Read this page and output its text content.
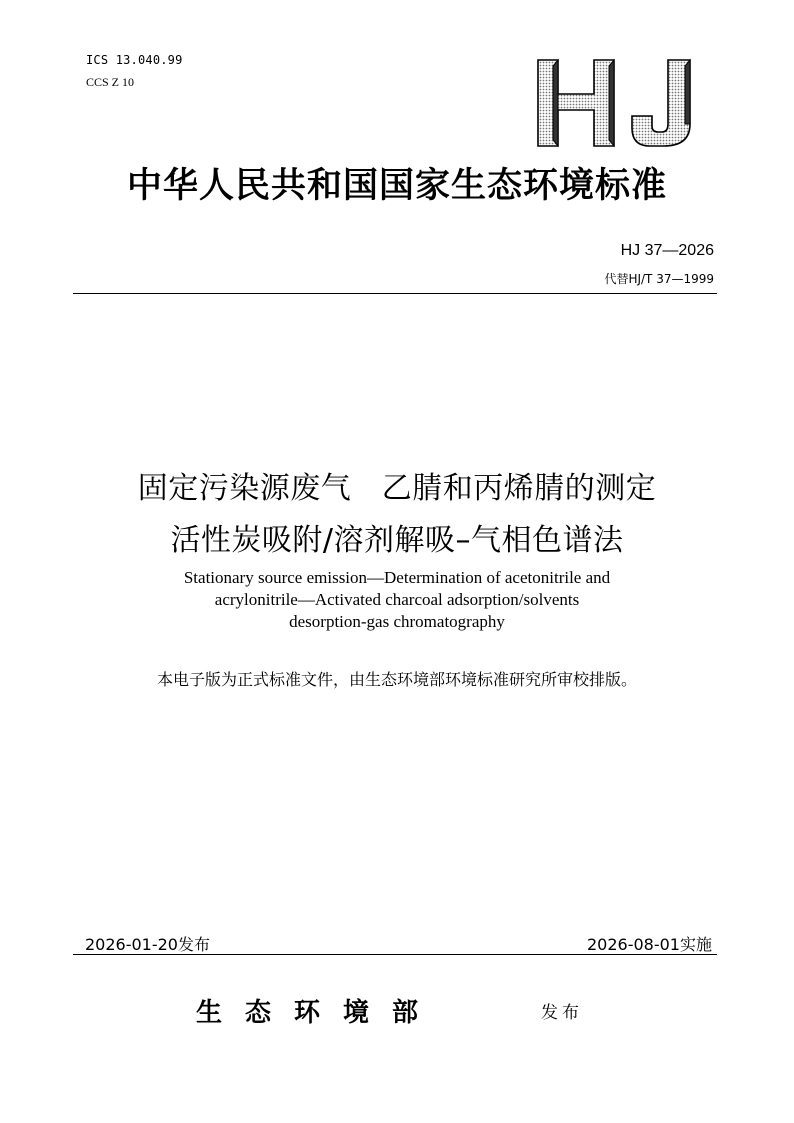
ICS 13.040.99
CCS Z 10
中华人民共和国国家生态环境标准
HJ 37—2026
代替HJ/T 37—1999
固定污染源废气　乙腈和丙烯腈的测定
活性炭吸附/溶剂解吸–气相色谱法
Stationary source emission—Determination of acetonitrile and
acrylonitrile—Activated charcoal adsorption/solvents
desorption-gas chromatography
本电子版为正式标准文件，由生态环境部环境标准研究所审校排版。
2026-01-20发布	2026-08-01实施
生态环境部	发布
